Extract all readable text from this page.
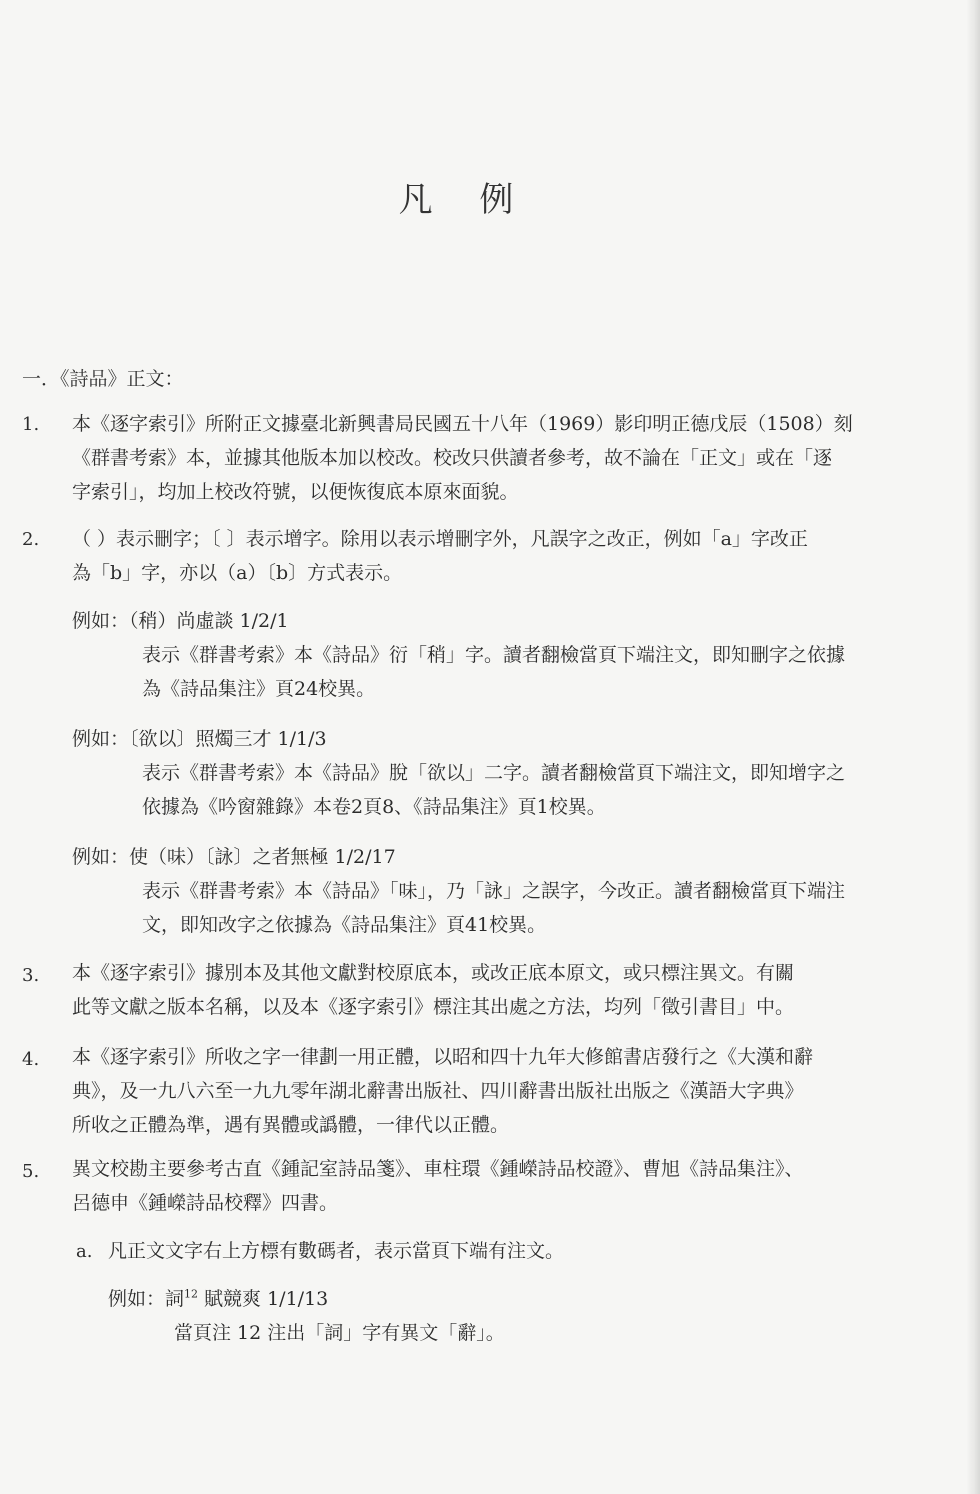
凡 例
一．《詩品》正文：
1. 本《逐字索引》所附正文據臺北新興書局民國五十八年（1969）影印明正德戊辰（1508）刻
《群書考索》本，並據其他版本加以校改。校改只供讀者參考，故不論在「正文」或在「逐
字索引」，均加上校改符號，以便恢復底本原來面貌。
2. （ ）表示刪字；〔 〕表示增字。除用以表示增刪字外，凡誤字之改正，例如「a」字改正
為「b」字，亦以（a）〔b〕方式表示。
例如：（稍）尚虛談 1/2/1
表示《群書考索》本《詩品》衍「稍」字。讀者翻檢當頁下端注文，即知刪字之依據
為《詩品集注》頁24校異。
例如：〔欲以〕照燭三才 1/1/3
表示《群書考索》本《詩品》脫「欲以」二字。讀者翻檢當頁下端注文，即知增字之
依據為《吟窗雜錄》本卷2頁8、《詩品集注》頁1校異。
例如：使（味）〔詠〕之者無極 1/2/17
表示《群書考索》本《詩品》「味」，乃「詠」之誤字，今改正。讀者翻檢當頁下端注
文，即知改字之依據為《詩品集注》頁41校異。
3. 本《逐字索引》據別本及其他文獻對校原底本，或改正底本原文，或只標注異文。有關
此等文獻之版本名稱，以及本《逐字索引》標注其出處之方法，均列「徵引書目」中。
4. 本《逐字索引》所收之字一律劃一用正體，以昭和四十九年大修館書店發行之《大漢和辭
典》，及一九八六至一九九零年湖北辭書出版社、四川辭書出版社出版之《漢語大字典》
所收之正體為準，遇有異體或譌體，一律代以正體。
5. 異文校勘主要參考古直《鍾記室詩品箋》、車柱環《鍾嶸詩品校證》、曹旭《詩品集注》、
呂德申《鍾嶸詩品校釋》四書。
a. 凡正文文字右上方標有數碼者，表示當頁下端有注文。
例如：詞$^{12}$ 賦競爽 1/1/13
當頁注 12 注出「詞」字有異文「辭」。
